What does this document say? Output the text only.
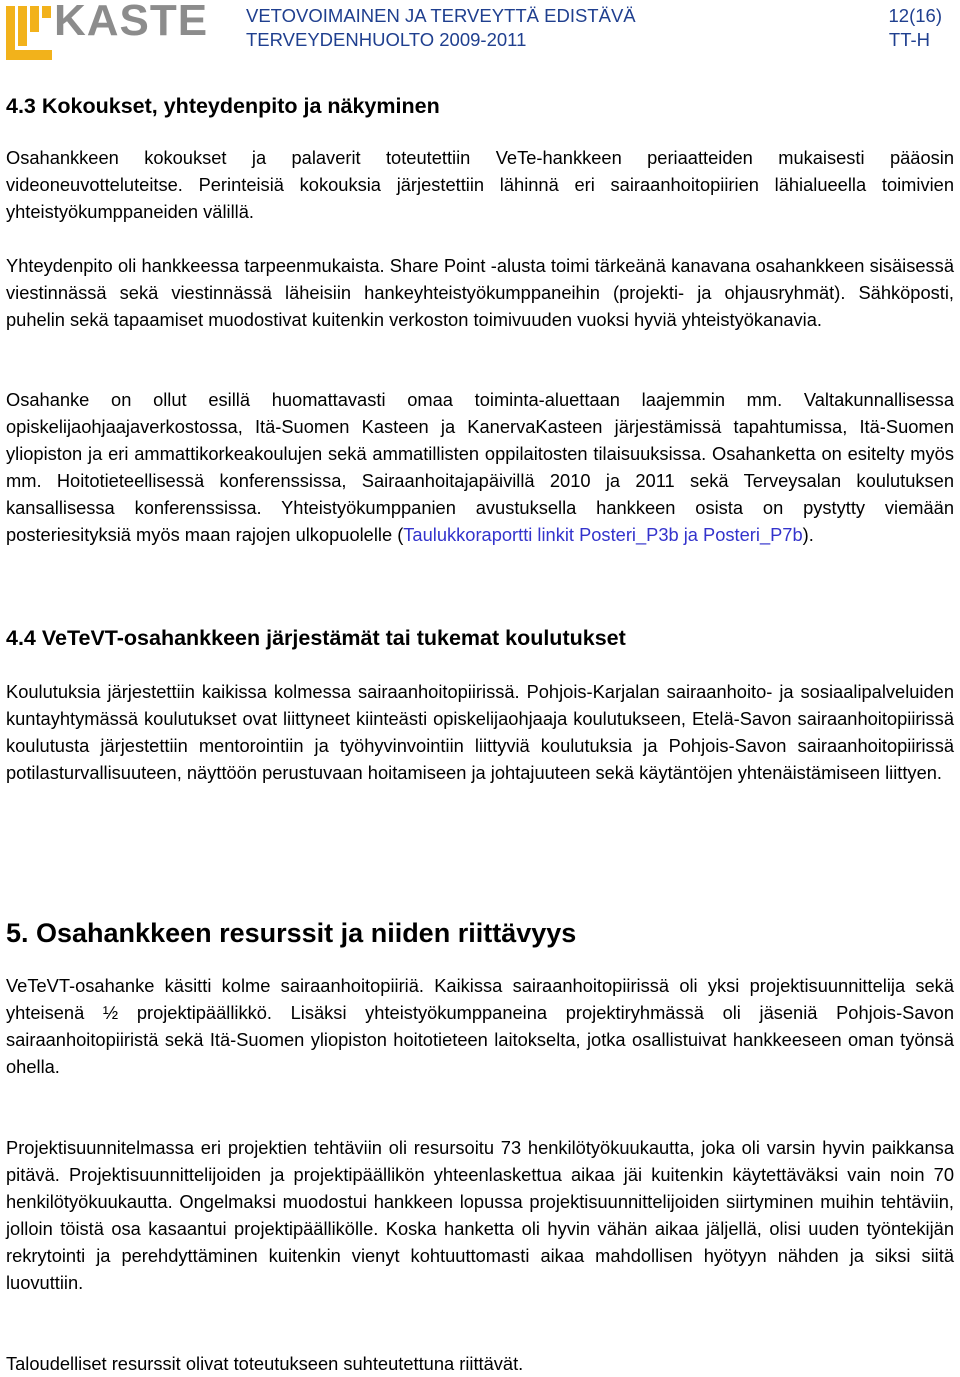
KASTE VETOVOIMAINEN JA TERVEYTTÄ EDISTÄVÄ
TERVEYDENHUOLTO 2009-2011
12(16)
TT-H
4.3 Kokoukset, yhteydenpito ja näkyminen

Osahankkeen kokoukset ja palaverit toteutettiin VeTe-hankkeen periaatteiden mukaisesti pääosin videoneuvotteluteitse. Perinteisiä kokouksia järjestettiin lähinnä eri sairaanhoitopiirien lähialueella toimivien yhteistyökumppaneiden välillä.

Yhteydenpito oli hankkeessa tarpeenmukaista. Share Point -alusta toimi tärkeänä kanavana osahankkeen sisäisessä viestinnässä sekä viestinnässä läheisiin hankeyhteistyökumppaneihin (projekti- ja ohjausryhmät). Sähköposti, puhelin sekä tapaamiset muodostivat kuitenkin verkoston toimivuuden vuoksi hyviä yhteistyökanavia.

Osahanke on ollut esillä huomattavasti omaa toiminta-aluettaan laajemmin mm. Valtakunnallisessa opiskelijaohjaajaverkostossa, Itä-Suomen Kasteen ja KanervaKasteen järjestämissä tapahtumissa, Itä-Suomen yliopiston ja eri ammattikorkeakoulujen sekä ammatillisten oppilaitosten tilaisuuksissa. Osahanketta on esitelty myös mm. Hoitotieteellisessä konferenssissa, Sairaanhoitajapäivillä 2010 ja 2011 sekä Terveysalan koulutuksen kansallisessa konferenssissa. Yhteistyökumppanien avustuksella hankkeen osista on pystytty viemään posteriesityksiä myös maan rajojen ulkopuolelle (Taulukkoraportti linkit Posteri_P3b ja Posteri_P7b).

4.4 VeTeVT-osahankkeen järjestämät tai tukemat koulutukset

Koulutuksia järjestettiin kaikissa kolmessa sairaanhoitopiirissä. Pohjois-Karjalan sairaanhoito- ja sosiaalipalveluiden kuntayhtymässä koulutukset ovat liittyneet kiinteästi opiskelijaohjaaja koulutukseen, Etelä-Savon sairaanhoitopiirissä koulutusta järjestettiin mentorointiin ja työhyvinvointiin liittyviä koulutuksia ja Pohjois-Savon sairaanhoitopiirissä potilasturvallisuuteen, näyttöön perustuvaan hoitamiseen ja johtajuuteen sekä käytäntöjen yhtenäistämiseen liittyen.

5. Osahankkeen resurssit ja niiden riittävyys

VeTeVT-osahanke käsitti kolme sairaanhoitopiiriä. Kaikissa sairaanhoitopiirissä oli yksi projektisuunnittelija sekä yhteisenä ½ projektipäällikkö. Lisäksi yhteistyökumppaneina projektiryhmässä oli jäseniä Pohjois-Savon sairaanhoitopiiristä sekä Itä-Suomen yliopiston hoitotieteen laitokselta, jotka osallistuivat hankkeeseen oman työnsä ohella.

Projektisuunnitelmassa eri projektien tehtäviin oli resursoitu 73 henkilötyökuukautta, joka oli varsin hyvin paikkansa pitävä. Projektisuunnittelijoiden ja projektipäällikön yhteenlaskettua aikaa jäi kuitenkin käytettäväksi vain noin 70 henkilötyökuukautta. Ongelmaksi muodostui hankkeen lopussa projektisuunnittelijoiden siirtyminen muihin tehtäviin, jolloin töistä osa kasaantui projektipäällikölle. Koska hanketta oli hyvin vähän aikaa jäljellä, olisi uuden työntekijän rekrytointi ja perehdyttäminen kuitenkin vienyt kohtuuttomasti aikaa mahdollisen hyötyyn nähden ja siksi siitä luovuttiin.

Taloudelliset resurssit olivat toteutukseen suhteutettuna riittävät.
